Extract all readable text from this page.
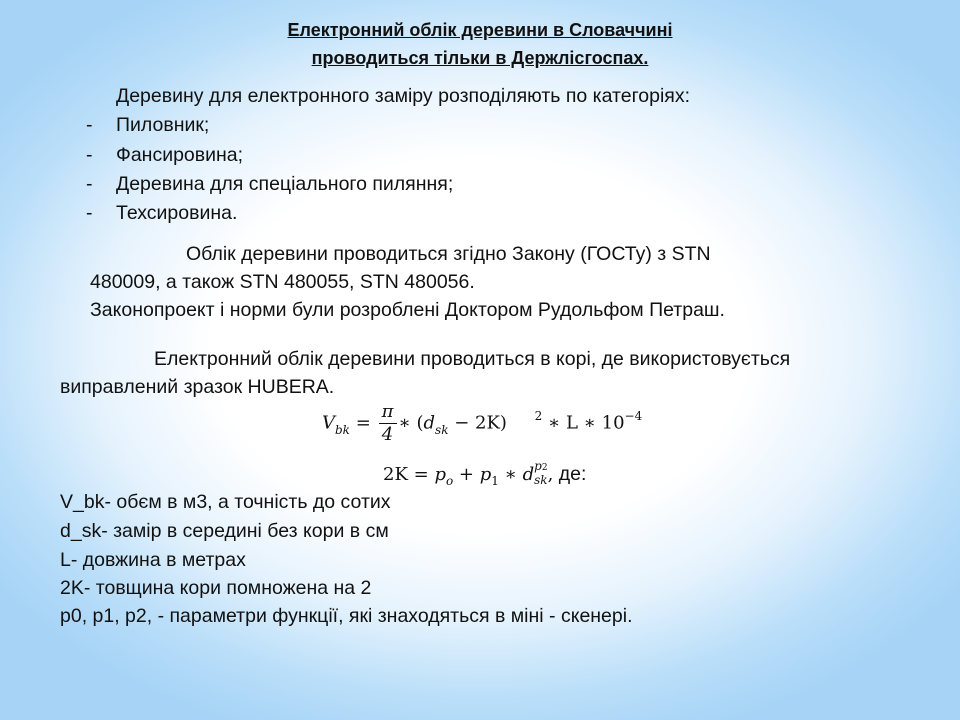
Електронний облік деревини в Словаччині
проводиться тільки в Держлісгоспах.
Деревину для електронного заміру розподіляють по категоріях:
- Пиловник;
- Фансировина;
- Деревина для спеціального пиляння;
- Техсировина.
Облік деревини проводиться згідно Закону (ГОСТу) з STN
480009, а також STN 480055, STN 480056.
Законопроект і норми були розроблені Доктором Рудольфом Петраш.
Електронний облік деревини проводиться в корі, де використовується
виправлений зразок HUBERA.
$V_{bk} = \frac{\pi}{4}$ ∗ $(d_{sk} - 2K)$ $^2$ ∗ L ∗ $10^{-4}$
$2K = p_o + p_1$ ∗ d p2
sk , де:
V_bk- обєм в м3, а точність до сотих
d_sk- замір в середині без кори в см
L- довжина в метрах
2K- товщина кори помножена на 2
p0, p1, p2, - параметри функції, які знаходяться в міні - скенері.
